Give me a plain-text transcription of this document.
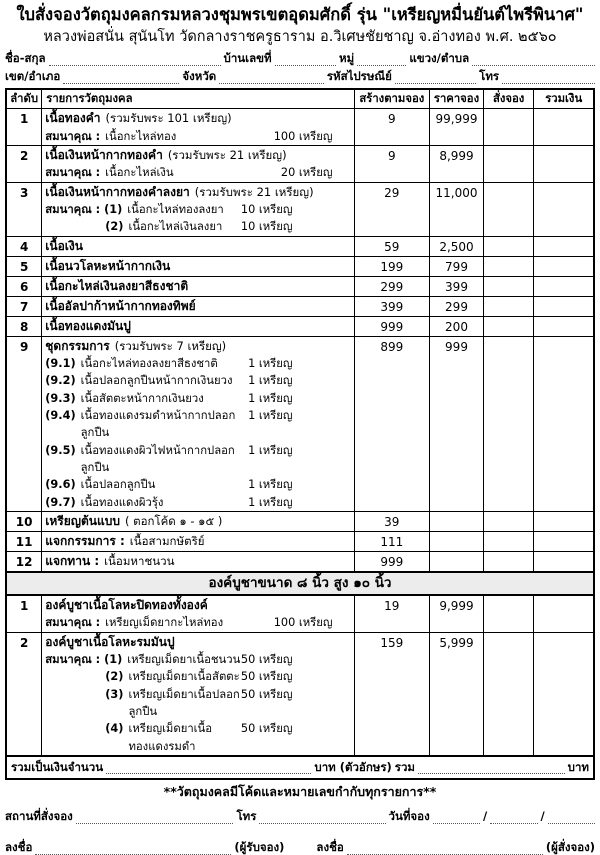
ใบสั่งจองวัตถุมงคลกรมหลวงชุมพรเขตอุดมศักดิ์ รุ่น "เหรียญหมื่นยันต์ไพรีพินาศ"
หลวงพ่อสนั่น สุนันโท วัดกลางราชครูธาราม อ.วิเศษชัยชาญ จ.อ่างทอง พ.ศ. ๒๕๖๐
ชื่อ-สกุล	บ้านเลขที่	หมู่	แขวง/ตำบล
เขต/อำเภอ	จังหวัด	รหัสไปรษณีย์	โทร
ลำดับ	รายการวัตถุมงคล	สร้างตามจอง	ราคาจอง	สั่งจอง	รวมเงิน
1	เนื้อทองคำ (รวมรับพระ 101 เหรียญ)
สมนาคุณ : เนื้อกะไหล่ทอง 100 เหรียญ	9	99,999		
2	เนื้อเงินหน้ากากทองคำ (รวมรับพระ 21 เหรียญ)
สมนาคุณ : เนื้อกะไหล่เงิน 20 เหรียญ	9	8,999		
3	เนื้อเงินหน้ากากทองคำลงยา (รวมรับพระ 21 เหรียญ)
สมนาคุณ : (1) เนื้อกะไหล่ทองลงยา 10 เหรียญ
(2) เนื้อกะไหล่เงินลงยา 10 เหรียญ
	29	11,000		
4	เนื้อเงิน	59	2,500		
5	เนื้อนวโลหะหน้ากากเงิน	199	799		
6	เนื้อกะไหล่เงินลงยาสีธงชาติ	299	399		
7	เนื้ออัลปาก้าหน้ากากทองทิพย์	399	299		
8	เนื้อทองแดงมันปู	999	200		
9	ชุดกรรมการ (รวมรับพระ 7 เหรียญ)
(9.1) เนื้อกะไหล่ทองลงยาสีธงชาติ	1 เหรียญ
(9.2) เนื้อปลอกลูกปืนหน้ากากเงินยวง 1 เหรียญ
(9.3) เนื้อสัตตะหน้ากากเงินยวง	1 เหรียญ
(9.4) เนื้อทองแดงรมดำหน้ากากปลอกลูกปืน
1 เหรียญ
(9.5) เนื้อทองแดงผิวไฟหน้ากากปลอกลูกปืน
1 เหรียญ
(9.6) เนื้อปลอกลูกปืน	1 เหรียญ
(9.7) เนื้อทองแดงผิวรุ้ง	1 เหรียญ
	899	999		
10	เหรียญต้นแบบ ( ตอกโค้ด ๑ - ๑๕ )	39			
11	แจกกรรมการ : เนื้อสามกษัตริย์	111			
12	แจกทาน : เนื้อมหาชนวน	999			
องค์บูชาขนาด ๘ นิ้ว สูง ๑๐ นิ้ว					
1	องค์บูชาเนื้อโลหะปิดทองทั้งองค์
สมนาคุณ : เหรียญเม็ดยากะไหล่ทอง 100 เหรียญ	19	9,999		
2	องค์บูชาเนื้อโลหะรมมันปู
สมนาคุณ : (1) เหรียญเม็ดยาเนื้อชนวน 50 เหรียญ
(2) เหรียญเม็ดยาเนื้อสัตตะ 50 เหรียญ
(3) เหรียญเม็ดยาเนื้อปลอกลูกปืน
50 เหรียญ
(4) เหรียญเม็ดยาเนื้อทองแดงรมดำ
50 เหรียญ
	159	5,999		

รวมเป็นเงินจำนวน บาท (ตัวอักษร) รวม บาท					
**วัตถุมงคลมีโค้ดและหมายเลขกำกับทุกรายการ**
สถานที่สั่งจอง	โทร	วันที่จอง	/	/
ลงชื่อ	(ผู้รับจอง)	ลงชื่อ	(ผู้สั่งจอง)
